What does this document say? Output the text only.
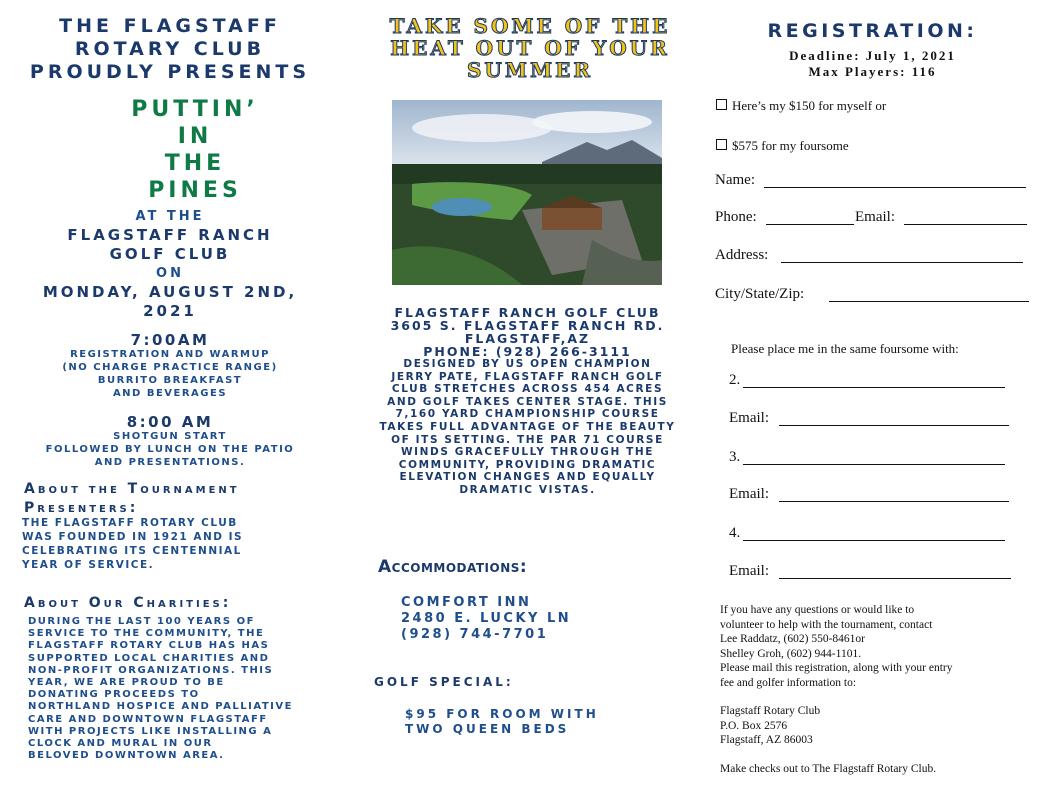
THE FLAGSTAFF
ROTARY CLUB
PROUDLY PRESENTS
PUTTIN’
IN
THE
PINES
AT THE
FLAGSTAFF RANCH
GOLF CLUB
ON
MONDAY, AUGUST 2ND,
2021
7:00AM
REGISTRATION AND WARMUP
(NO CHARGE PRACTICE RANGE)
BURRITO BREAKFAST
AND BEVERAGES
8:00 AM
SHOTGUN START
FOLLOWED BY LUNCH ON THE PATIO
AND PRESENTATIONS.
About the Tournament
Presenters:
THE FLAGSTAFF ROTARY CLUB
WAS FOUNDED IN 1921 AND IS
CELEBRATING ITS CENTENNIAL
YEAR OF SERVICE.
About Our Charities:
DURING THE LAST 100 YEARS OF
SERVICE TO THE COMMUNITY, THE
FLAGSTAFF ROTARY CLUB HAS HAS
SUPPORTED LOCAL CHARITIES AND
NON-PROFIT ORGANIZATIONS. THIS
YEAR, WE ARE PROUD TO BE
DONATING PROCEEDS TO
NORTHLAND HOSPICE AND PALLIATIVE
CARE AND DOWNTOWN FLAGSTAFF
WITH PROJECTS LIKE INSTALLING A
CLOCK AND MURAL IN OUR
BELOVED DOWNTOWN AREA.
TAKE SOME OF THE
HEAT OUT OF YOUR
SUMMER
FLAGSTAFF RANCH GOLF CLUB
3605 S. FLAGSTAFF RANCH RD.
FLAGSTAFF,AZ
PHONE: (928) 266-3111
DESIGNED BY US OPEN CHAMPION
JERRY PATE, FLAGSTAFF RANCH GOLF
CLUB STRETCHES ACROSS 454 ACRES
AND GOLF TAKES CENTER STAGE. THIS
7,160 YARD CHAMPIONSHIP COURSE
TAKES FULL ADVANTAGE OF THE BEAUTY
OF ITS SETTING. THE PAR 71 COURSE
WINDS GRACEFULLY THROUGH THE
COMMUNITY, PROVIDING DRAMATIC
ELEVATION CHANGES AND EQUALLY
DRAMATIC VISTAS.
Accommodations:
COMFORT INN
2480 E. LUCKY LN
(928) 744-7701
GOLF SPECIAL:
$95 FOR ROOM WITH
TWO QUEEN BEDS
REGISTRATION:
Deadline: July 1, 2021
Max Players: 116
Here’s my $150 for myself or
$575 for my foursome
Name:
Phone:	Email:
Address:
City/State/Zip:
Please place me in the same foursome with:
2.
Email:
3.
Email:
4.
Email:
If you have any questions or would like to
volunteer to help with the tournament, contact
Lee Raddatz, (602) 550-8461or
Shelley Groh, (602) 944-1101.
Please mail this registration, along with your entry
fee and golfer information to:
Flagstaff Rotary Club
P.O. Box 2576
Flagstaff, AZ 86003
Make checks out to The Flagstaff Rotary Club.
